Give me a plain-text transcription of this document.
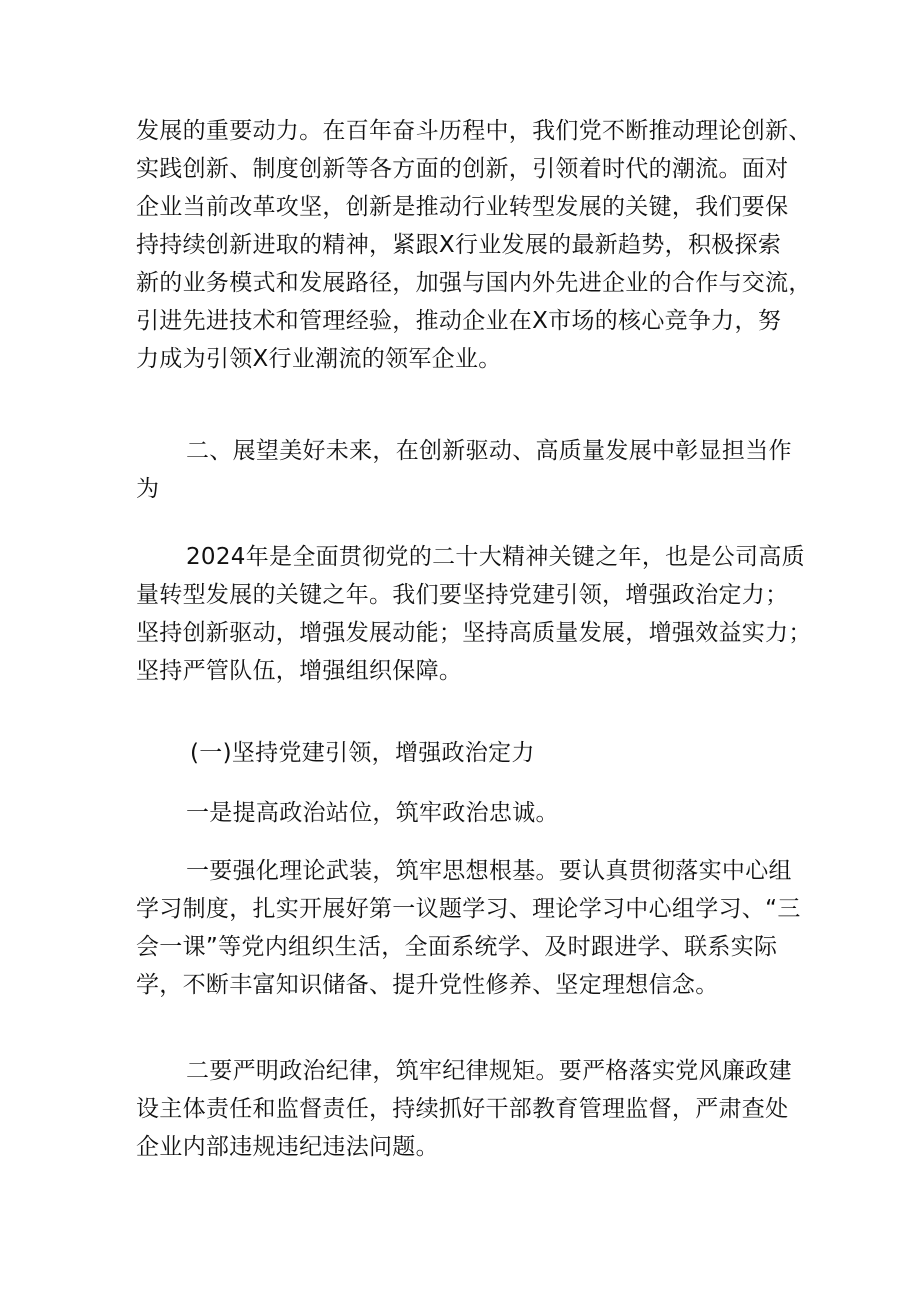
发展的重要动力。在百年奋斗历程中，我们党不断推动理论创新、
实践创新、制度创新等各方面的创新，引领着时代的潮流。面对
企业当前改革攻坚，创新是推动行业转型发展的关键，我们要保
持持续创新进取的精神，紧跟X行业发展的最新趋势，积极探索
新的业务模式和发展路径，加强与国内外先进企业的合作与交流，
引进先进技术和管理经验，推动企业在X市场的核心竞争力，努
力成为引领X行业潮流的领军企业。
二、展望美好未来，在创新驱动、高质量发展中彰显担当作
为
2024年是全面贯彻党的二十大精神关键之年，也是公司高质
量转型发展的关键之年。我们要坚持党建引领，增强政治定力；
坚持创新驱动，增强发展动能；坚持高质量发展，增强效益实力；
坚持严管队伍，增强组织保障。
(一)坚持党建引领，增强政治定力
一是提高政治站位，筑牢政治忠诚。
一要强化理论武装，筑牢思想根基。要认真贯彻落实中心组
学习制度，扎实开展好第一议题学习、理论学习中心组学习、“三
会一课”等党内组织生活，全面系统学、及时跟进学、联系实际
学，不断丰富知识储备、提升党性修养、坚定理想信念。
二要严明政治纪律，筑牢纪律规矩。要严格落实党风廉政建
设主体责任和监督责任，持续抓好干部教育管理监督，严肃查处
企业内部违规违纪违法问题。
